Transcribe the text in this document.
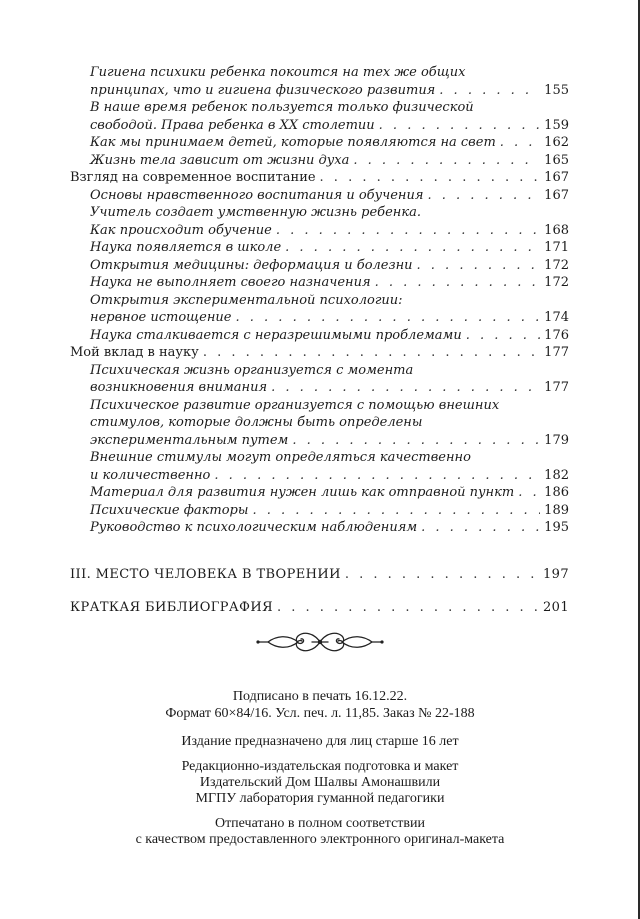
Гигиена психики ребенка покоится на тех же общих
принципах, что и гигиена физического развития . . .	155
В наше время ребенок пользуется только физической
свободой. Права ребенка в XX столетии . . .	159
Как мы принимаем детей, которые появляются на свет . . .	162
Жизнь тела зависит от жизни духа . . .	165
Взгляд на современное воспитание . . .	167
Основы нравственного воспитания и обучения . . .	167
Учитель создает умственную жизнь ребенка.
Как происходит обучение . . .	168
Наука появляется в школе . . .	171
Открытия медицины: деформация и болезни . . .	172
Наука не выполняет своего назначения . . .	172
Открытия экспериментальной психологии:
нервное истощение . . .	174
Наука сталкивается с неразрешимыми проблемами . . .	176
Мой вклад в науку . . .	177
Психическая жизнь организуется с момента
возникновения внимания . . .	177
Психическое развитие организуется с помощью внешних
стимулов, которые должны быть определены
экспериментальным путем . . .	179
Внешние стимулы могут определяться качественно
и количественно . . .	182
Материал для развития нужен лишь как отправной пункт . . . 186
Психические факторы . . .	189
Руководство к психологическим наблюдениям . . .	195
III. МЕСТО ЧЕЛОВЕКА В ТВОРЕНИИ . . .	197
КРАТКАЯ БИБЛИОГРАФИЯ . . .	201
Подписано в печать 16.12.22.
Формат 60×84/16. Усл. печ. л. 11,85. Заказ № 22-188
Издание предназначено для лиц старше 16 лет
Редакционно-издательская подготовка и макет
Издательский Дом Шалвы Амонашвили
МГПУ лаборатория гуманной педагогики
Отпечатано в полном соответствии
с качеством предоставленного электронного оригинал-макета
